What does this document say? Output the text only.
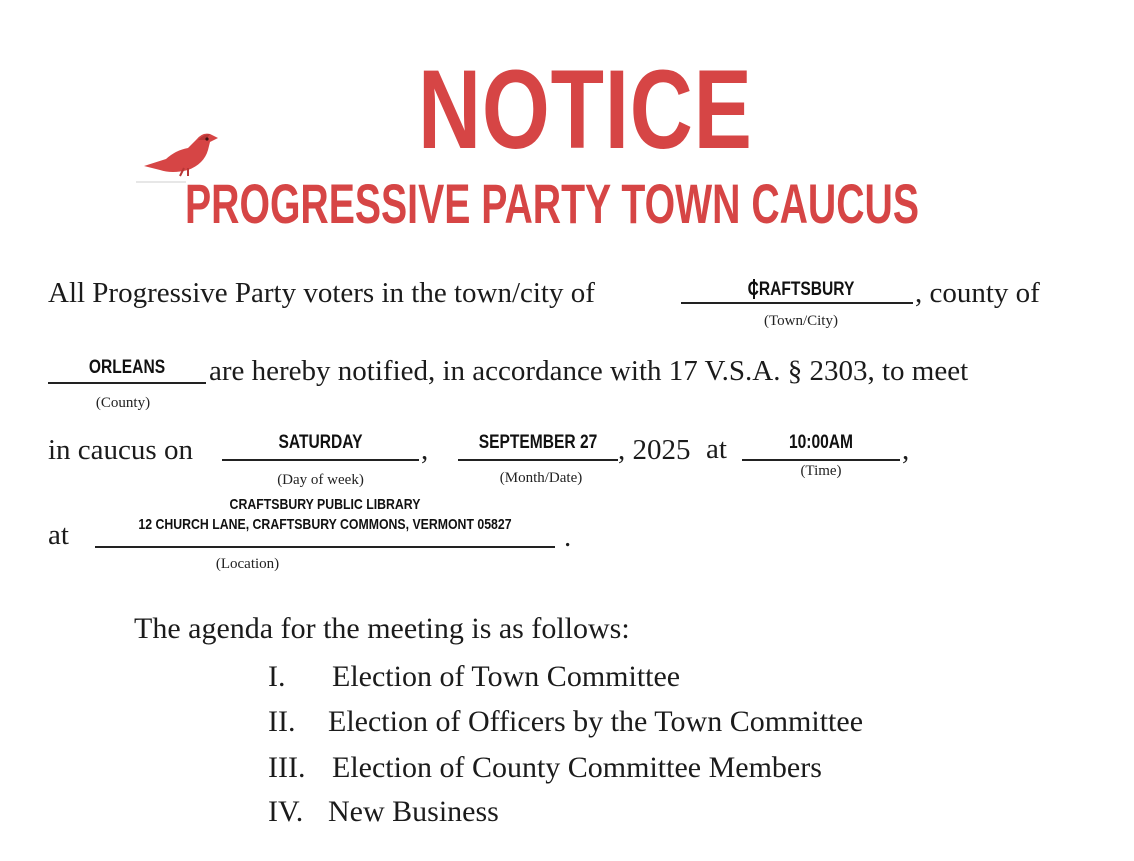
NOTICE
PROGRESSIVE PARTY TOWN CAUCUS
All Progressive Party voters in the town/city of	CRAFTSBURY	, county of
(Town/City)
ORLEANS	are hereby notified, in accordance with 17 V.S.A. § 2303, to meet
(County)
in caucus on	SATURDAY	,
(Day of week)
SEPTEMBER 27 , 2025
(Month/Date)
at	10:00AM	,
(Time)
at
CRAFTSBURY PUBLIC LIBRARY
12 CHURCH LANE, CRAFTSBURY COMMONS, VERMONT 05827 .
(Location)
The agenda for the meeting is as follows:
I. Election of Town Committee
II. Election of Officers by the Town Committee
III. Election of County Committee Members
IV. New Business
